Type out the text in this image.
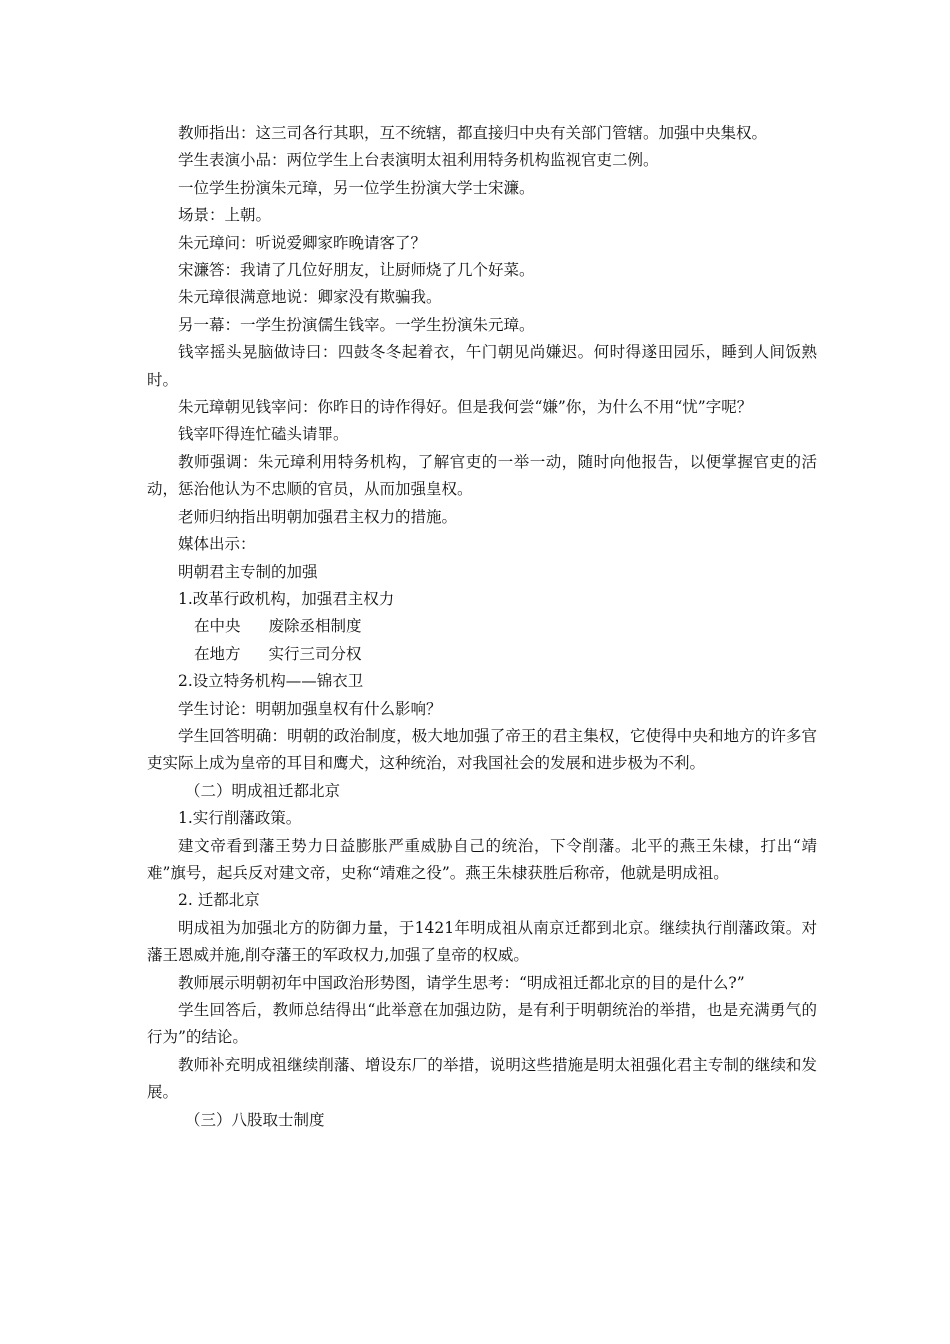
教师指出：这三司各行其职，互不统辖，都直接归中央有关部门管辖。加强中央集权。

学生表演小品：两位学生上台表演明太祖利用特务机构监视官吏二例。

一位学生扮演朱元璋，另一位学生扮演大学士宋濂。

场景：上朝。

朱元璋问：听说爱卿家昨晚请客了？

宋濂答：我请了几位好朋友，让厨师烧了几个好菜。

朱元璋很满意地说：卿家没有欺骗我。

另一幕：一学生扮演儒生钱宰。一学生扮演朱元璋。

钱宰摇头晃脑做诗曰：四鼓冬冬起着衣，午门朝见尚嫌迟。何时得遂田园乐，睡到人间饭熟时。

朱元璋朝见钱宰问：你昨日的诗作得好。但是我何尝“嫌”你，为什么不用“忧”字呢？

钱宰吓得连忙磕头请罪。

教师强调：朱元璋利用特务机构，了解官吏的一举一动，随时向他报告，以便掌握官吏的活动，惩治他认为不忠顺的官员，从而加强皇权。

老师归纳指出明朝加强君主权力的措施。

媒体出示：

明朝君主专制的加强

1.改革行政机构，加强君主权力

在中央 废除丞相制度
在地方 实行三司分权

2.设立特务机构——锦衣卫

学生讨论：明朝加强皇权有什么影响？

学生回答明确：明朝的政治制度，极大地加强了帝王的君主集权，它使得中央和地方的许多官吏实际上成为皇帝的耳目和鹰犬，这种统治，对我国社会的发展和进步极为不利。

（二）明成祖迁都北京

1.实行削藩政策。

建文帝看到藩王势力日益膨胀严重威胁自己的统治，下令削藩。北平的燕王朱棣，打出“靖难”旗号，起兵反对建文帝，史称“靖难之役”。燕王朱棣获胜后称帝，他就是明成祖。

2. 迁都北京

明成祖为加强北方的防御力量，于1421年明成祖从南京迁都到北京。继续执行削藩政策。对藩王恩威并施,削夺藩王的军政权力,加强了皇帝的权威。

教师展示明朝初年中国政治形势图，请学生思考：“明成祖迁都北京的目的是什么?”

学生回答后，教师总结得出“此举意在加强边防，是有利于明朝统治的举措，也是充满勇气的行为”的结论。

教师补充明成祖继续削藩、增设东厂的举措，说明这些措施是明太祖强化君主专制的继续和发展。

（三）八股取士制度
